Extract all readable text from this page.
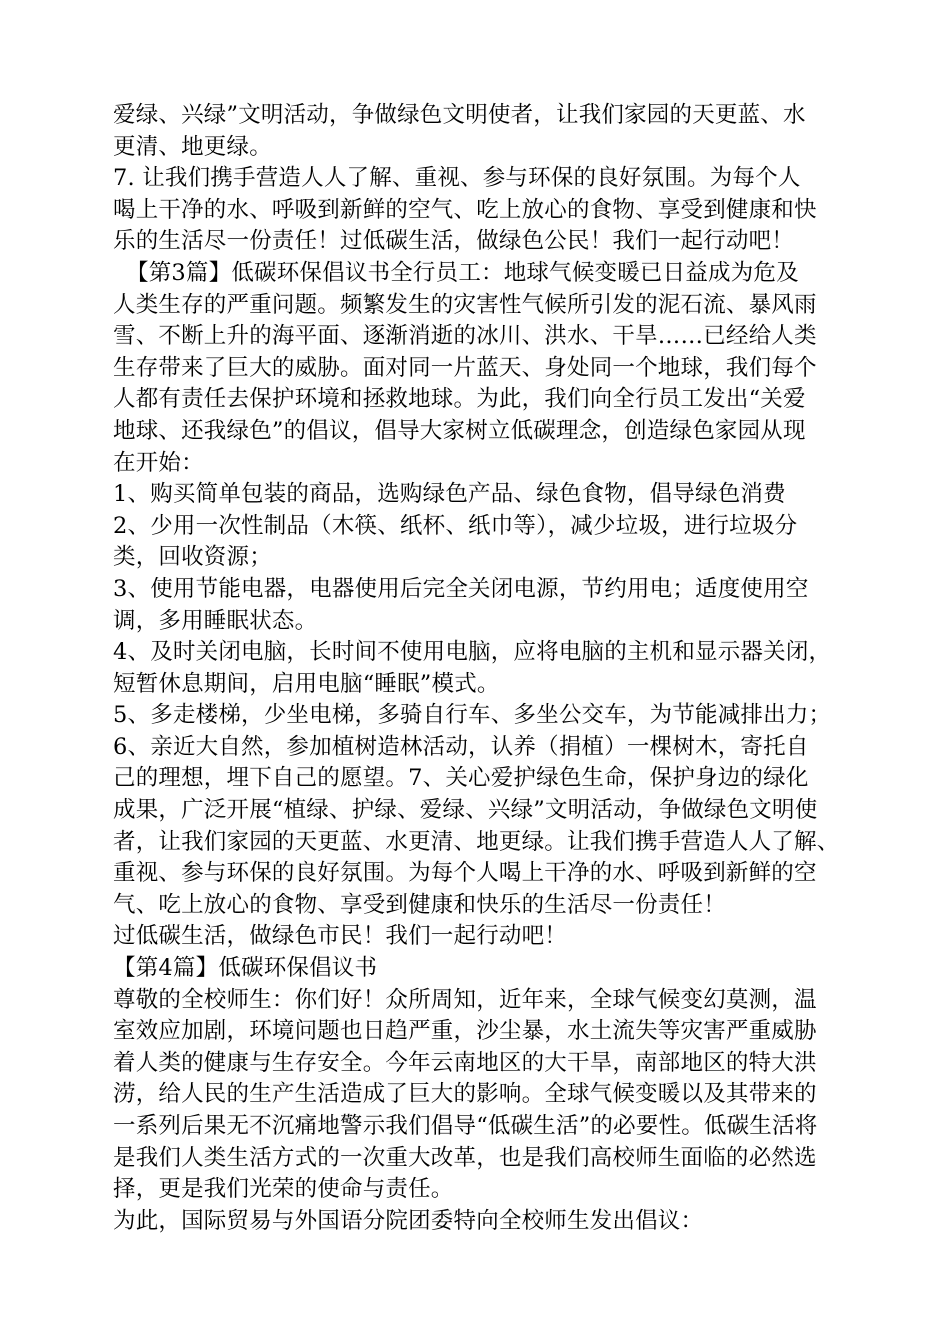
爱绿、兴绿”文明活动，争做绿色文明使者，让我们家园的天更蓝、水
更清、地更绿。
7. 让我们携手营造人人了解、重视、参与环保的良好氛围。为每个人
喝上干净的水、呼吸到新鲜的空气、吃上放心的食物、享受到健康和快
乐的生活尽一份责任！过低碳生活，做绿色公民！我们一起行动吧！
【第3篇】低碳环保倡议书全行员工：地球气候变暖已日益成为危及
人类生存的严重问题。频繁发生的灾害性气候所引发的泥石流、暴风雨
雪、不断上升的海平面、逐渐消逝的冰川、洪水、干旱……已经给人类
生存带来了巨大的威胁。面对同一片蓝天、身处同一个地球，我们每个
人都有责任去保护环境和拯救地球。为此，我们向全行员工发出“关爱
地球、还我绿色”的倡议，倡导大家树立低碳理念，创造绿色家园从现
在开始：
1、购买简单包装的商品，选购绿色产品、绿色食物，倡导绿色消费
2、少用一次性制品（木筷、纸杯、纸巾等），减少垃圾，进行垃圾分
类，回收资源；
3、使用节能电器，电器使用后完全关闭电源，节约用电；适度使用空
调，多用睡眠状态。
4、及时关闭电脑，长时间不使用电脑，应将电脑的主机和显示器关闭，
短暂休息期间，启用电脑“睡眠”模式。
5、多走楼梯，少坐电梯，多骑自行车、多坐公交车，为节能减排出力；
6、亲近大自然，参加植树造林活动，认养（捐植）一棵树木，寄托自
己的理想，埋下自己的愿望。7、关心爱护绿色生命，保护身边的绿化
成果，广泛开展“植绿、护绿、爱绿、兴绿”文明活动，争做绿色文明使
者，让我们家园的天更蓝、水更清、地更绿。让我们携手营造人人了解、
重视、参与环保的良好氛围。为每个人喝上干净的水、呼吸到新鲜的空
气、吃上放心的食物、享受到健康和快乐的生活尽一份责任！
过低碳生活，做绿色市民！我们一起行动吧！
【第4篇】低碳环保倡议书
尊敬的全校师生：你们好！众所周知，近年来，全球气候变幻莫测，温
室效应加剧，环境问题也日趋严重，沙尘暴，水土流失等灾害严重威胁
着人类的健康与生存安全。今年云南地区的大干旱，南部地区的特大洪
涝，给人民的生产生活造成了巨大的影响。全球气候变暖以及其带来的
一系列后果无不沉痛地警示我们倡导“低碳生活”的必要性。低碳生活将
是我们人类生活方式的一次重大改革，也是我们高校师生面临的必然选
择，更是我们光荣的使命与责任。
为此，国际贸易与外国语分院团委特向全校师生发出倡议：
